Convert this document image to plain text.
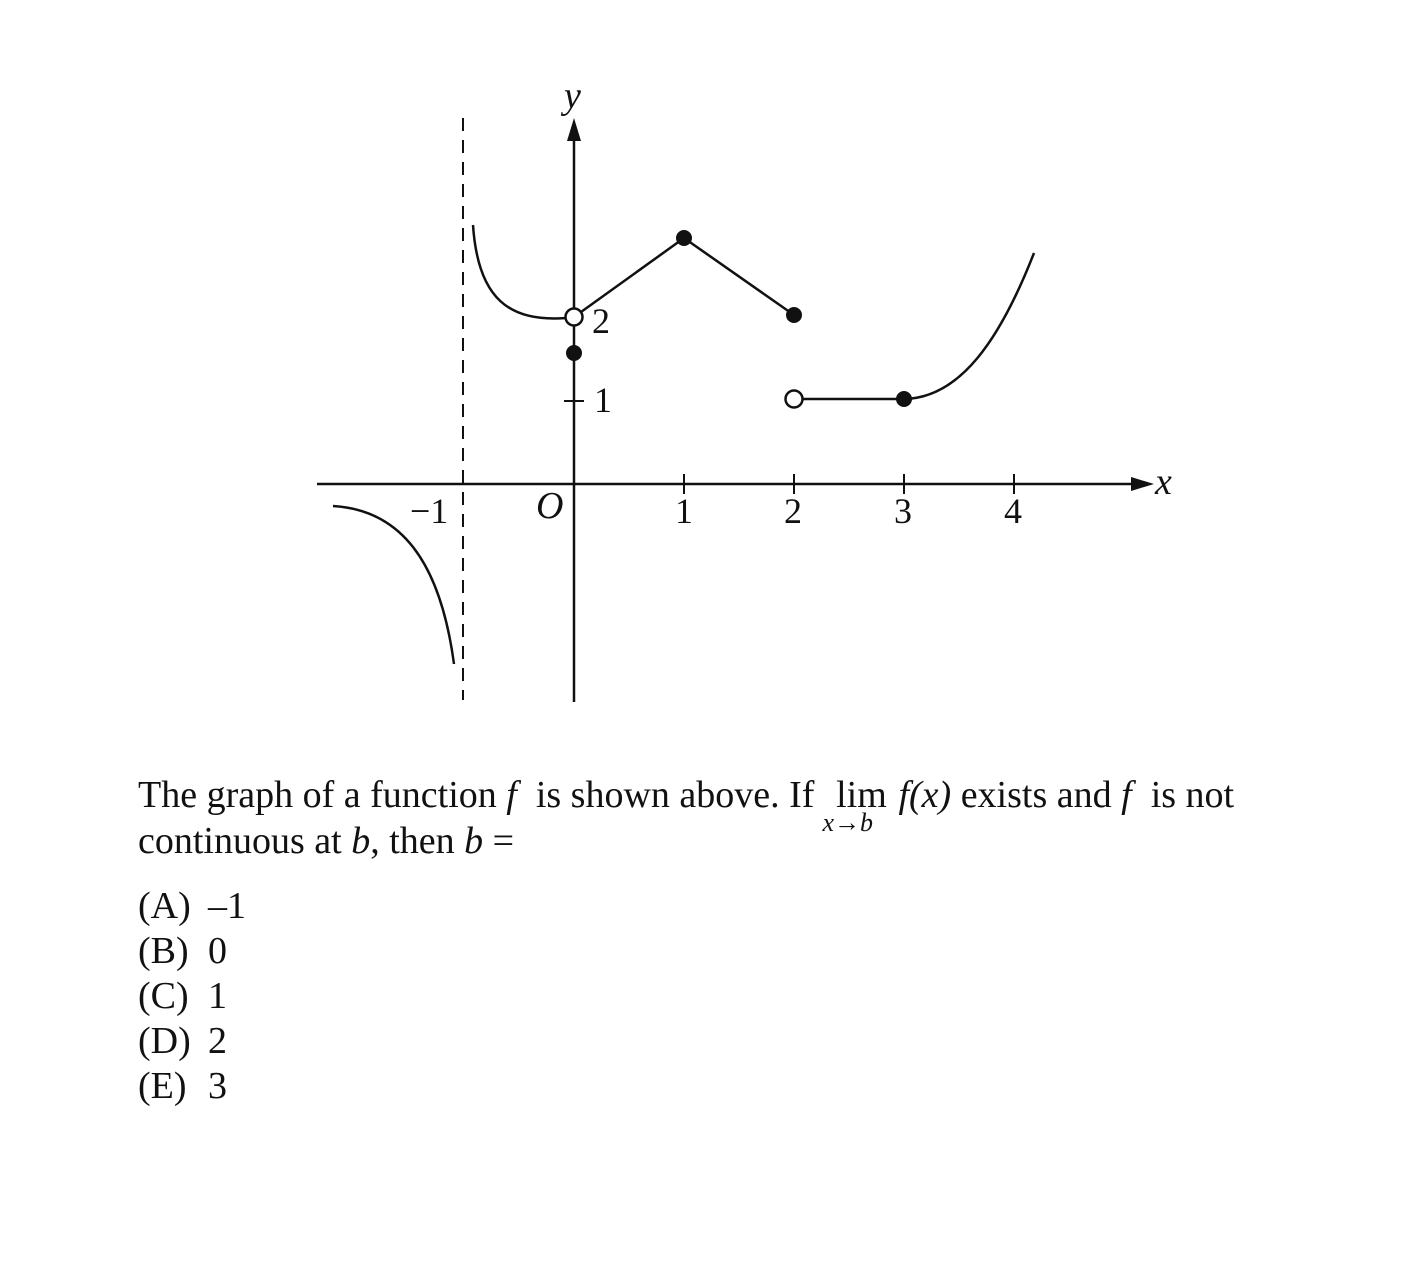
y
x
O
−1	1	2	3	4
1
2
The graph of a function f is shown above. If lim
x→b
f(x) exists and f is not
continuous at b, then b =
(A) –1
(B) 0
(C) 1
(D) 2
(E) 3
